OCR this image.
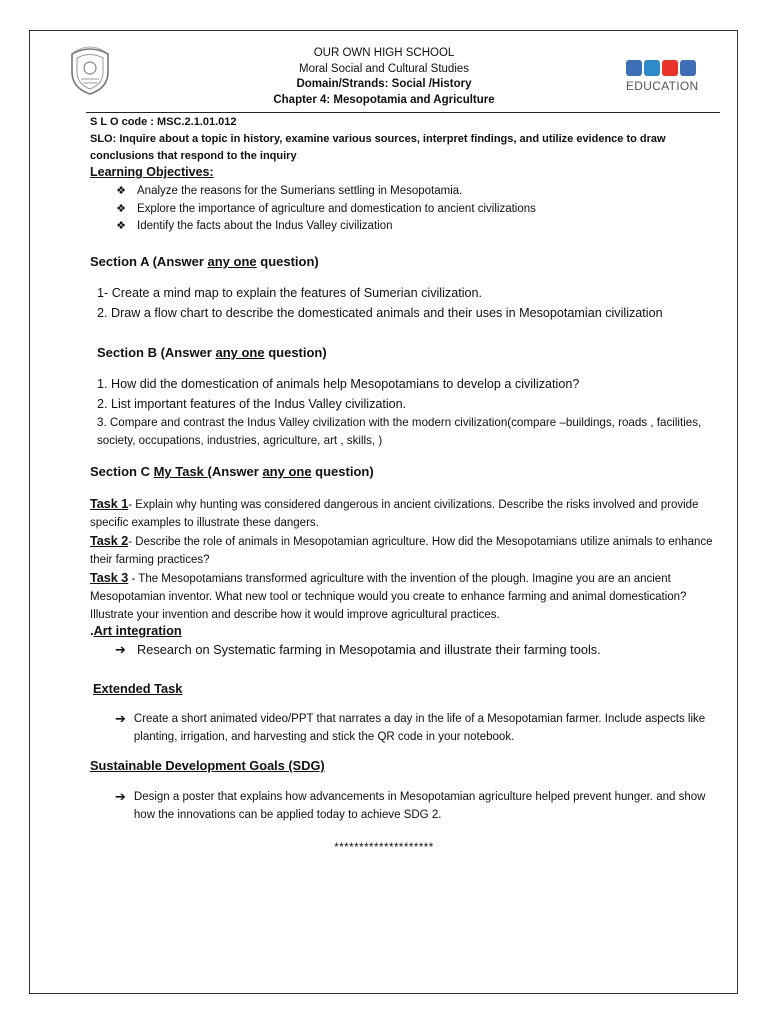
EDUCATION
OUR OWN HIGH SCHOOL
Moral Social and Cultural Studies
Domain/Strands: Social /History
Chapter 4: Mesopotamia and Agriculture
S L O code : MSC.2.1.01.012
SLO: Inquire about a topic in history, examine various sources, interpret findings, and utilize evidence to draw conclusions that respond to the inquiry
Learning Objectives:
❖ Analyze the reasons for the Sumerians settling in Mesopotamia.
❖ Explore the importance of agriculture and domestication to ancient civilizations
❖ Identify the facts about the Indus Valley civilization
Section A (Answer any one question)
1- Create a mind map to explain the features of Sumerian civilization.
2. Draw a flow chart to describe the domesticated animals and their uses in Mesopotamian civilization
Section B (Answer any one question)
1. How did the domestication of animals help Mesopotamians to develop a civilization?
2. List important features of the Indus Valley civilization.
3. Compare and contrast the Indus Valley civilization with the modern civilization(compare –buildings, roads , facilities, society, occupations, industries, agriculture, art , skills, )
Section C My Task (Answer any one question)
Task 1- Explain why hunting was considered dangerous in ancient civilizations. Describe the risks involved and provide specific examples to illustrate these dangers.
Task 2- Describe the role of animals in Mesopotamian agriculture. How did the Mesopotamians utilize animals to enhance their farming practices?
Task 3 - The Mesopotamians transformed agriculture with the invention of the plough. Imagine you are an ancient Mesopotamian inventor. What new tool or technique would you create to enhance farming and animal domestication? Illustrate your invention and describe how it would improve agricultural practices.
.Art integration
➔ Research on Systematic farming in Mesopotamia and illustrate their farming tools.
Extended Task
➔ Create a short animated video/PPT that narrates a day in the life of a Mesopotamian farmer. Include aspects like planting, irrigation, and harvesting and stick the QR code in your notebook.
Sustainable Development Goals (SDG)
➔ Design a poster that explains how advancements in Mesopotamian agriculture helped prevent hunger. and show how the innovations can be applied today to achieve SDG 2.
********************
